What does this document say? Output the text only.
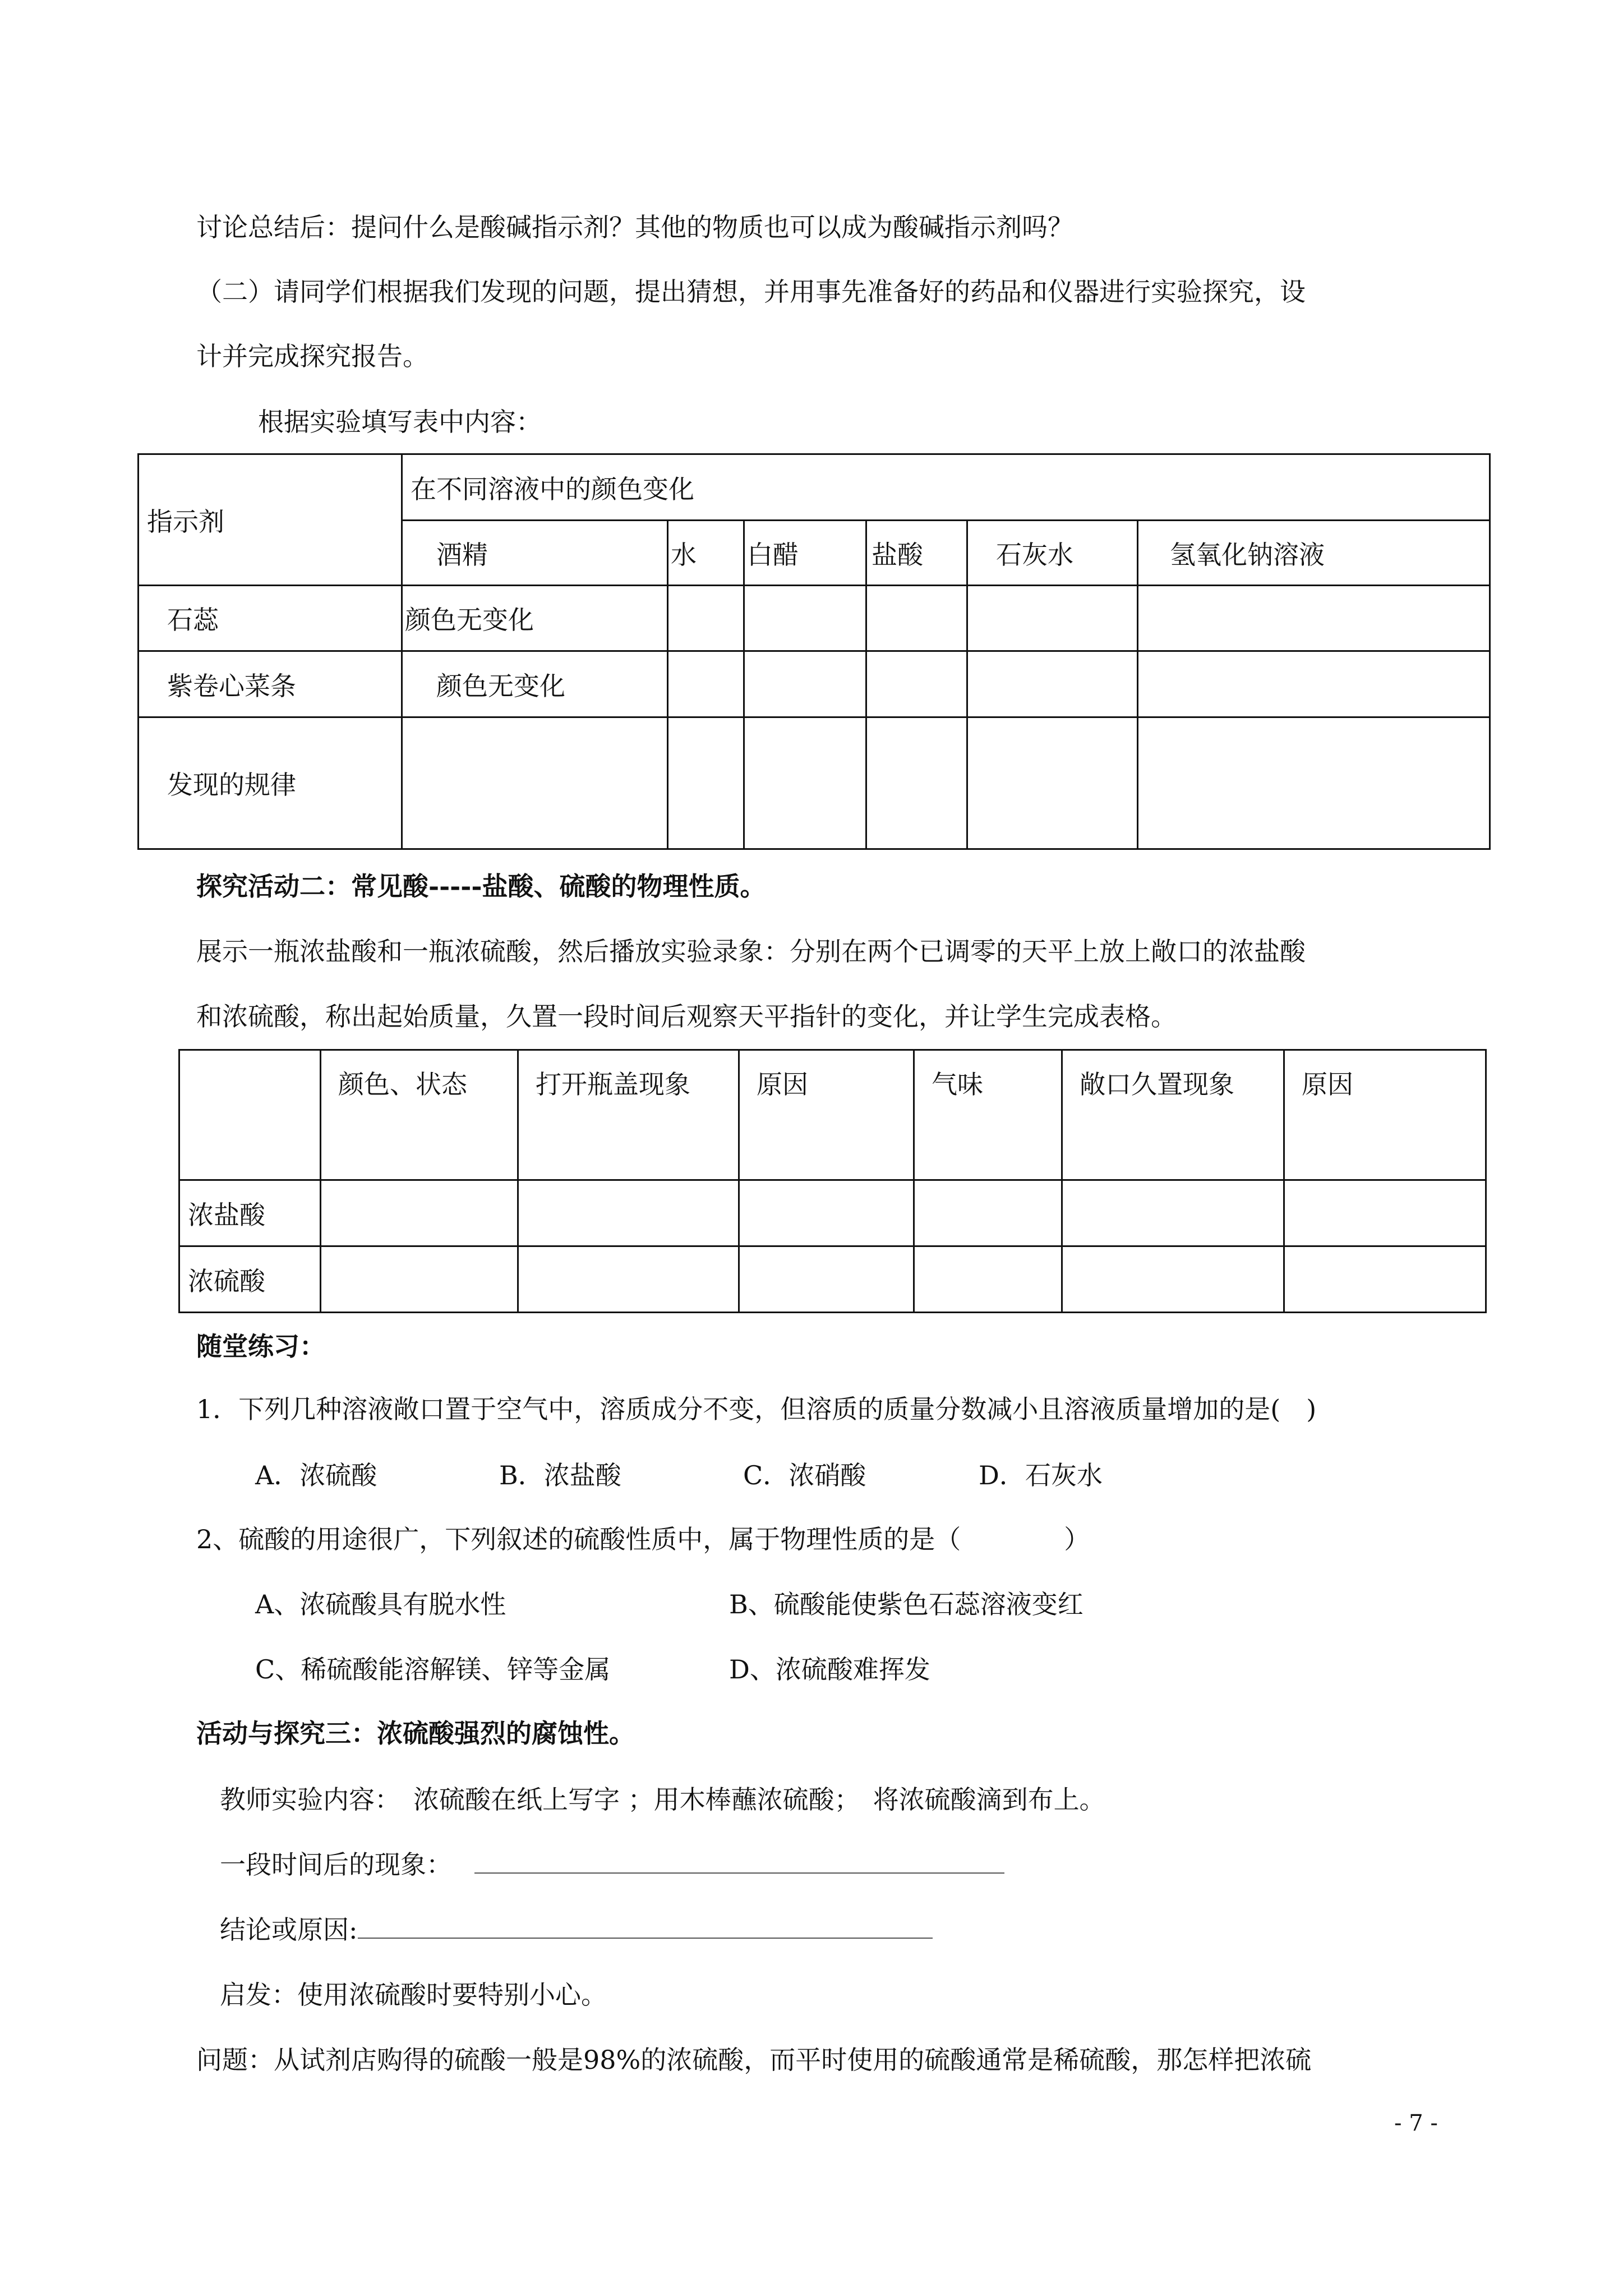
讨论总结后：提问什么是酸碱指示剂？其他的物质也可以成为酸碱指示剂吗？
（二）请同学们根据我们发现的问题，提出猜想，并用事先准备好的药品和仪器进行实验探究，设
计并完成探究报告。
根据实验填写表中内容：
指示剂	在不同溶液中的颜色变化					
	酒精	水	白醋	盐酸	石灰水	氢氧化钠溶液
石蕊	颜色无变化					
紫卷心菜条	颜色无变化					
发现的规律						
探究活动二：常见酸-----盐酸、硫酸的物理性质。
展示一瓶浓盐酸和一瓶浓硫酸，然后播放实验录象：分别在两个已调零的天平上放上敞口的浓盐酸
和浓硫酸，称出起始质量，久置一段时间后观察天平指针的变化，并让学生完成表格。
	颜色、状态	打开瓶盖现象	原因	气味	敞口久置现象	原因
浓盐酸						
浓硫酸						
随堂练习：
1．下列几种溶液敞口置于空气中，溶质成分不变，但溶质的质量分数减小且溶液质量增加的是(　)
A．浓硫酸	B．浓盐酸	C．浓硝酸	D．石灰水
2、硫酸的用途很广，下列叙述的硫酸性质中，属于物理性质的是（　　　　）
A、浓硫酸具有脱水性	B、硫酸能使紫色石蕊溶液变红
C、稀硫酸能溶解镁、锌等金属	D、浓硫酸难挥发
活动与探究三：浓硫酸强烈的腐蚀性。
教师实验内容：　浓硫酸在纸上写字 ；用木棒蘸浓硫酸；　将浓硫酸滴到布上。
一段时间后的现象：
结论或原因:
启发：使用浓硫酸时要特别小心。
问题：从试剂店购得的硫酸一般是98%的浓硫酸，而平时使用的硫酸通常是稀硫酸，那怎样把浓硫
- 7 -
